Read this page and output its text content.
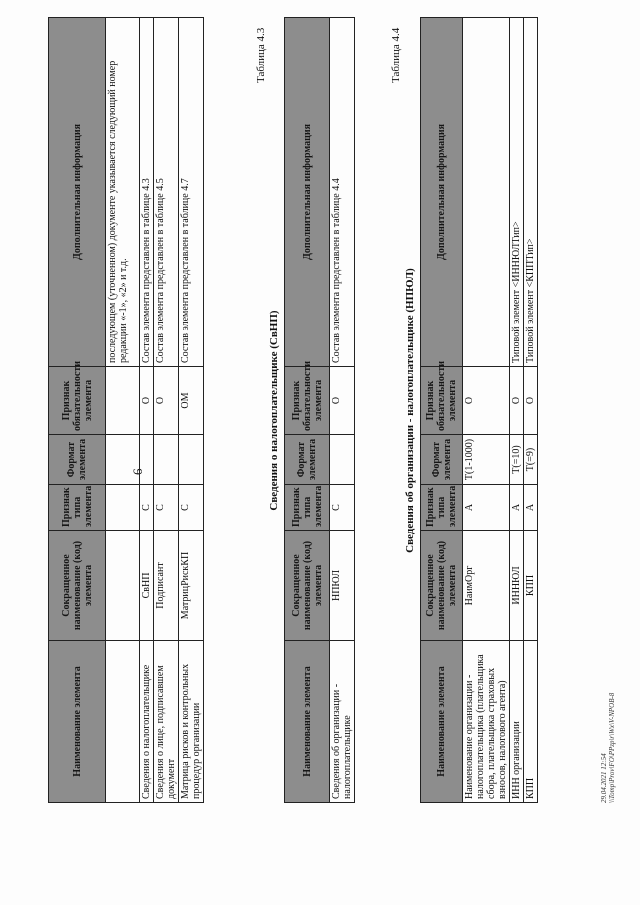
6
Наименование элемента	Сокращенное наименование (код) элемента	Признак типа элемента	Формат элемента	Признак обязательности элемента	Дополнительная информация
					последующем (уточненном) документе указывается следующий номер редакции «-1», «2» и т.д.
Сведения о налогоплательщике	СвНП	С		О	Состав элемента представлен в таблице 4.3
Сведения о лице, подписавшем документ	Подписант	С		О	Состав элемента представлен в таблице 4.5
Матрица рисков и контрольных процедур организации	МатрицРискКП	С		ОМ	Состав элемента представлен в таблице 4.7
Таблица 4.3
Сведения о налогоплательщике (СвНП)
Наименование элемента	Сокращенное наименование (код) элемента	Признак типа элемента	Формат элемента	Признак обязательности элемента	Дополнительная информация
Сведения об организации - налогоплательщике	НПЮЛ	С		О	Состав элемента представлен в таблице 4.4
Таблица 4.4
Сведения об организации - налогоплательщике (НПЮЛ)
Наименование элемента	Сокращенное наименование (код) элемента	Признак типа элемента	Формат элемента	Признак обязательности элемента	Дополнительная информация
Наименование организации - налогоплательщика (плательщика сбора, плательщика страховых взносов, налогового агента)	НаимОрг	А	T(1-1000)	О	
ИНН организации	ИННЮЛ	А	T(=10)	О	Типовой элемент <ИННЮЛТип>
КПП	КПП	А	T(=9)	О	Типовой элемент <КППТип>
29.04.2021 12:54 \\Tomp\Prov\FO\PPzp\r\Wx\V-NPOB-8
